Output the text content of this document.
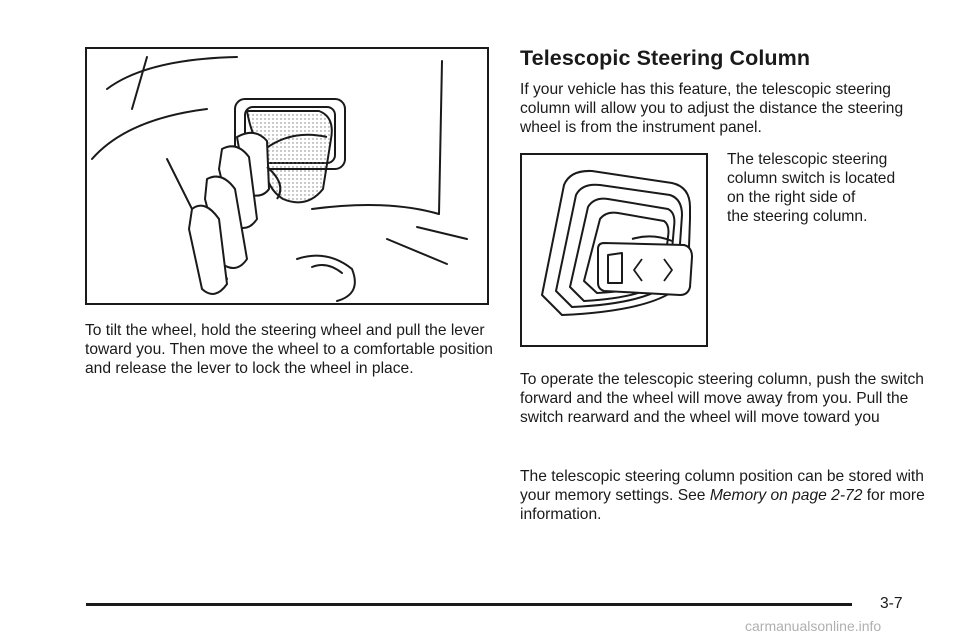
To tilt the wheel, hold the steering wheel and pull the lever toward you. Then move the wheel to a comfortable position and release the lever to lock the wheel in place.

Telescopic Steering Column

If your vehicle has this feature, the telescopic steering column will allow you to adjust the distance the steering wheel is from the instrument panel.

The telescopic steering
column switch is located
on the right side of
the steering column.

To operate the telescopic steering column, push the switch forward and the wheel will move away from you. Pull the switch rearward and the wheel will move toward you

The telescopic steering column position can be stored with your memory settings. See Memory on page 2-72 for more information.

3-7
carmanualsonline.info
